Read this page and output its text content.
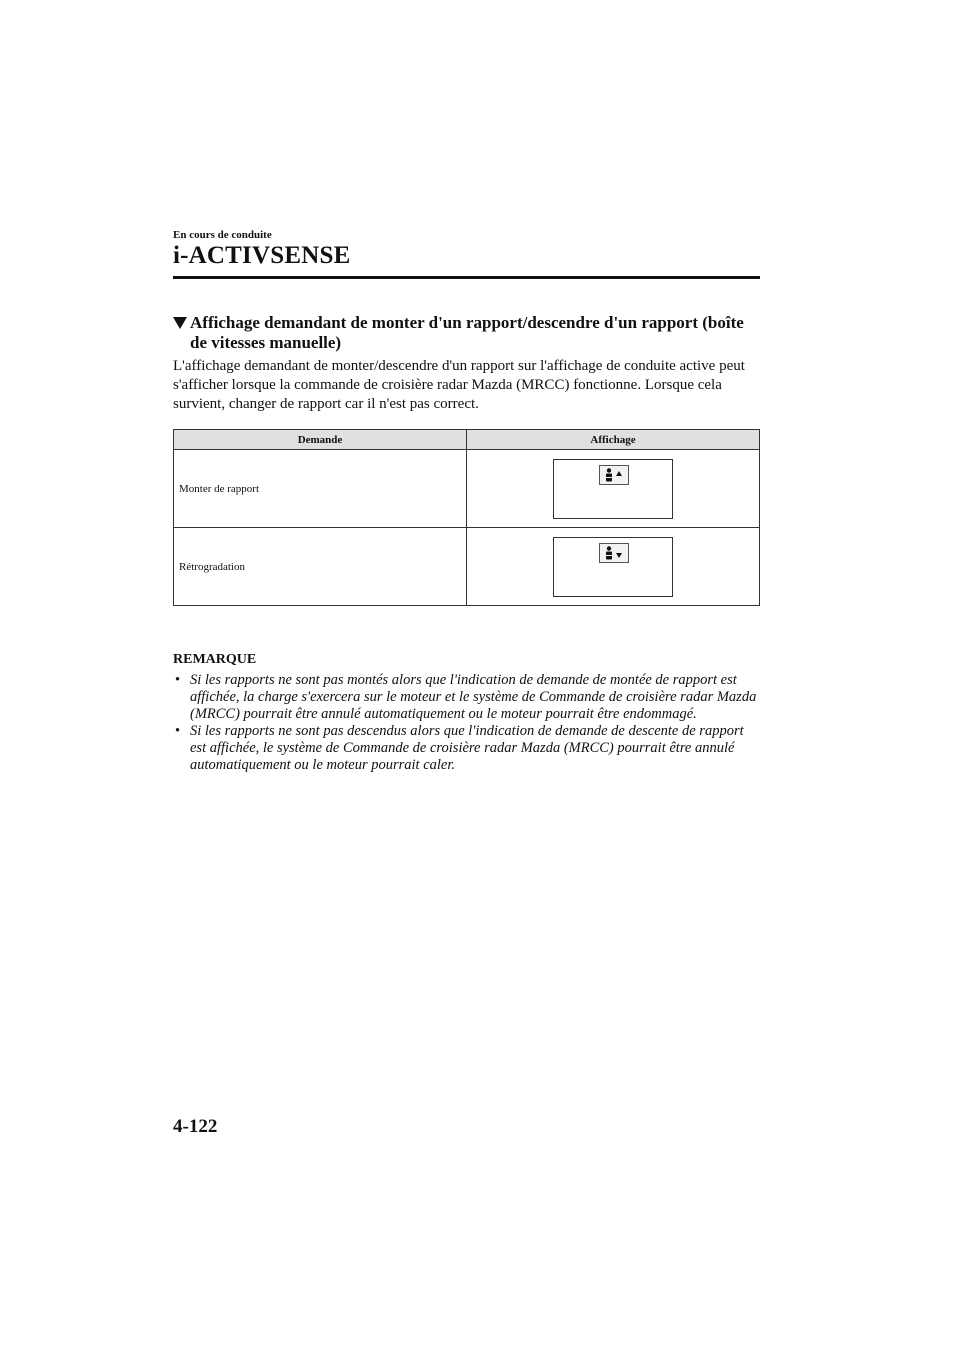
En cours de conduite
i-ACTIVSENSE
Affichage demandant de monter d'un rapport/descendre d'un rapport (boîte de vitesses manuelle)
L'affichage demandant de monter/descendre d'un rapport sur l'affichage de conduite active peut s'afficher lorsque la commande de croisière radar Mazda (MRCC) fonctionne. Lorsque cela survient, changer de rapport car il n'est pas correct.
Demande	Affichage
Monter de rapport	

Rétrogradation	
REMARQUE
• Si les rapports ne sont pas montés alors que l'indication de demande de montée de rapport est affichée, la charge s'exercera sur le moteur et le système de Commande de croisière radar Mazda (MRCC) pourrait être annulé automatiquement ou le moteur pourrait être endommagé.
• Si les rapports ne sont pas descendus alors que l'indication de demande de descente de rapport est affichée, le système de Commande de croisière radar Mazda (MRCC) pourrait être annulé automatiquement ou le moteur pourrait caler.
4-122
